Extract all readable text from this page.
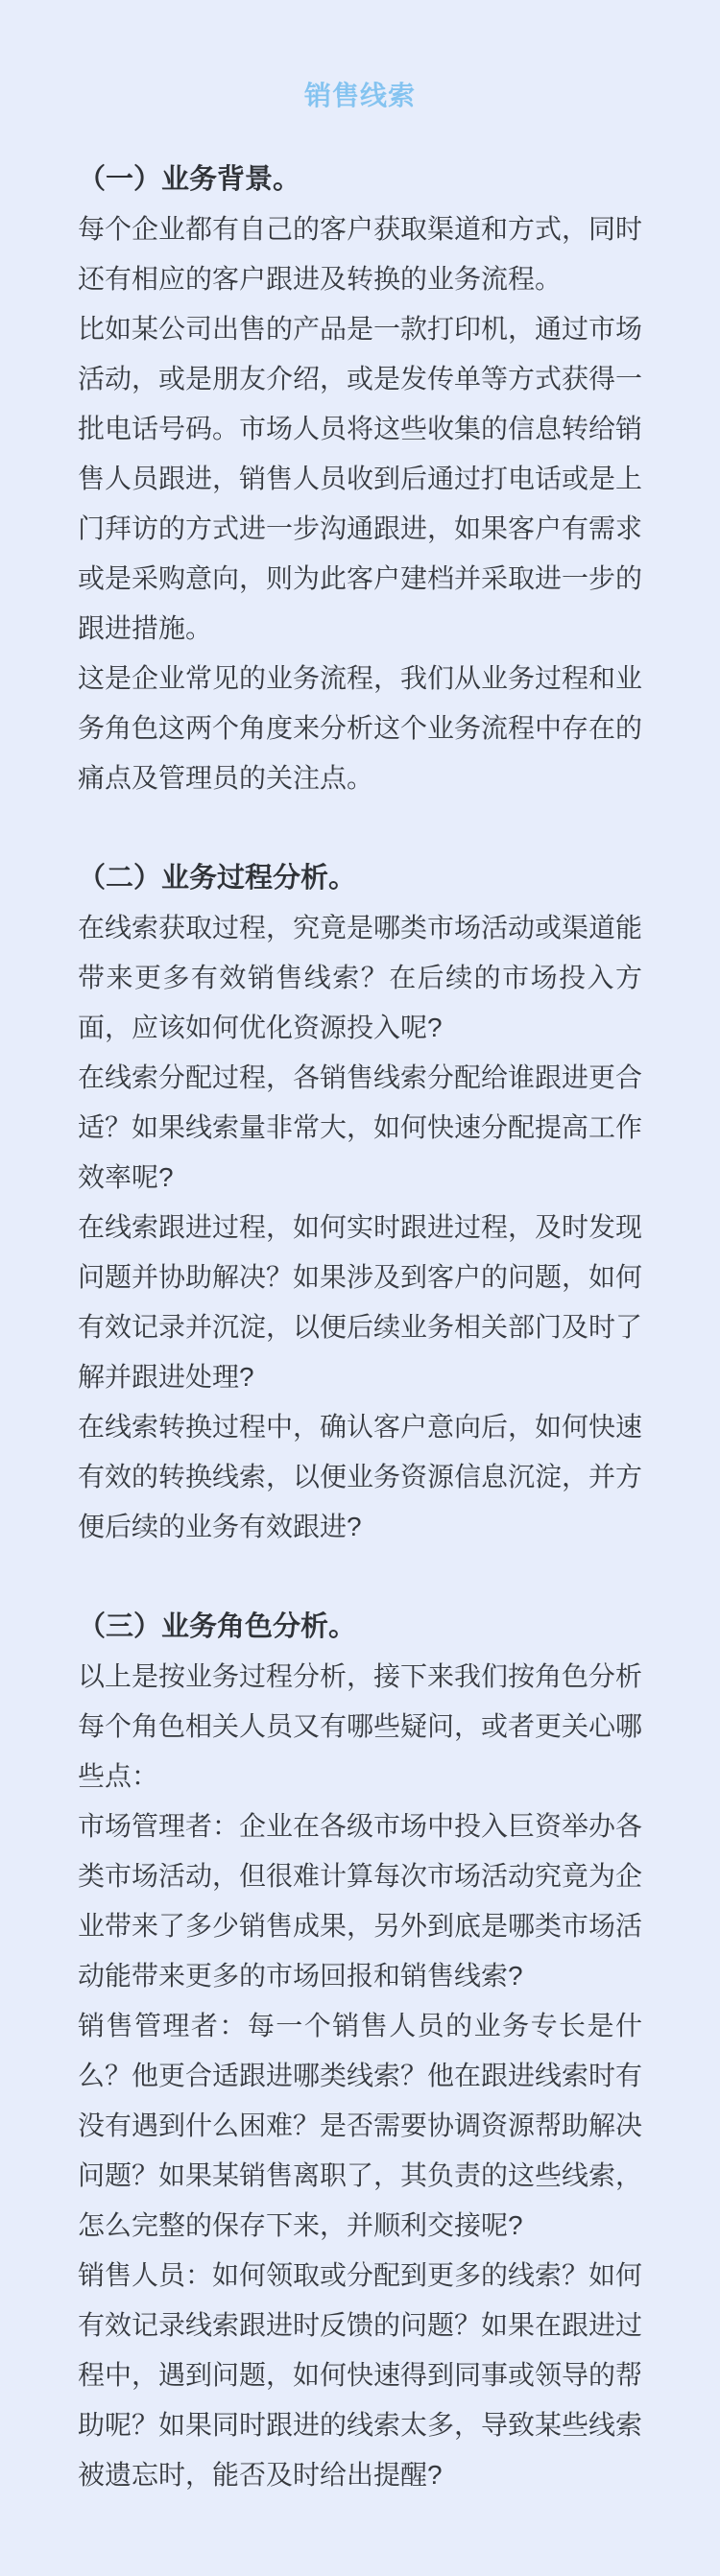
销售线索
（一）业务背景。

每个企业都有自己的客户获取渠道和方式，同时还有相应的客户跟进及转换的业务流程。

比如某公司出售的产品是一款打印机，通过市场活动，或是朋友介绍，或是发传单等方式获得一批电话号码。市场人员将这些收集的信息转给销售人员跟进，销售人员收到后通过打电话或是上门拜访的方式进一步沟通跟进，如果客户有需求或是采购意向，则为此客户建档并采取进一步的跟进措施。

这是企业常见的业务流程，我们从业务过程和业务角色这两个角度来分析这个业务流程中存在的痛点及管理员的关注点。

（二）业务过程分析。

在线索获取过程，究竟是哪类市场活动或渠道能带来更多有效销售线索？在后续的市场投入方面，应该如何优化资源投入呢?

在线索分配过程，各销售线索分配给谁跟进更合适？如果线索量非常大，如何快速分配提高工作效率呢?

在线索跟进过程，如何实时跟进过程，及时发现问题并协助解决？如果涉及到客户的问题，如何有效记录并沉淀，以便后续业务相关部门及时了解并跟进处理?

在线索转换过程中，确认客户意向后，如何快速有效的转换线索，以便业务资源信息沉淀，并方便后续的业务有效跟进?

（三）业务角色分析。

以上是按业务过程分析，接下来我们按角色分析每个角色相关人员又有哪些疑问，或者更关心哪些点：

市场管理者：企业在各级市场中投入巨资举办各类市场活动，但很难计算每次市场活动究竟为企业带来了多少销售成果，另外到底是哪类市场活动能带来更多的市场回报和销售线索?

销售管理者：每一个销售人员的业务专长是什么？他更合适跟进哪类线索？他在跟进线索时有没有遇到什么困难？是否需要协调资源帮助解决问题？如果某销售离职了，其负责的这些线索，怎么完整的保存下来，并顺利交接呢?

销售人员：如何领取或分配到更多的线索？如何有效记录线索跟进时反馈的问题？如果在跟进过程中，遇到问题，如何快速得到同事或领导的帮助呢？如果同时跟进的线索太多，导致某些线索被遗忘时，能否及时给出提醒?
